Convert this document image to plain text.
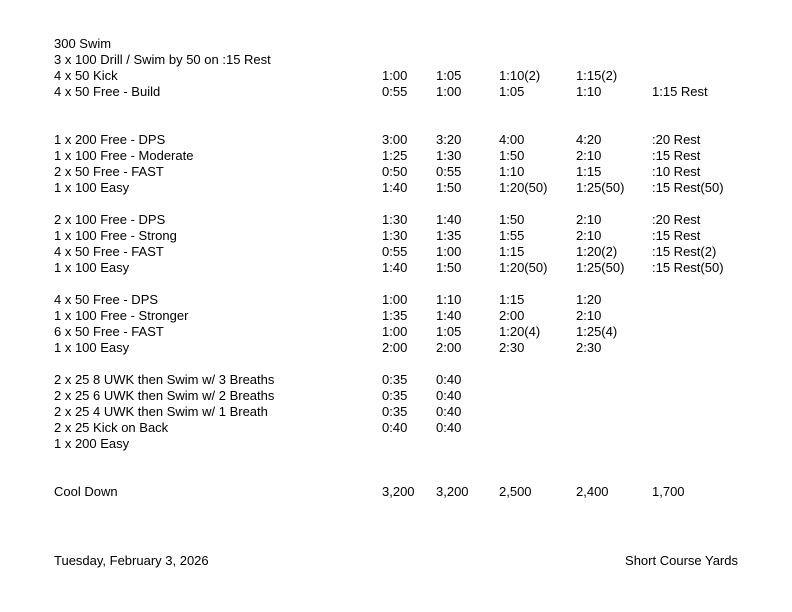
300 Swim
3 x 100 Drill / Swim by 50 on :15 Rest
4 x 50 Kick	1:00 1:05	1:10(2)	1:15(2)
4 x 50 Free - Build	0:55 1:00	1:05	1:10	1:15 Rest
1 x 200 Free - DPS	3:00 3:20	4:00	4:20	:20 Rest
1 x 100 Free - Moderate	1:25 1:30	1:50	2:10	:15 Rest
2 x 50 Free - FAST	0:50 0:55	1:10	1:15	:10 Rest
1 x 100 Easy	1:40 1:50	1:20(50) 1:25(50) :15 Rest(50)
2 x 100 Free - DPS	1:30 1:40	1:50	2:10	:20 Rest
1 x 100 Free - Strong	1:30 1:35	1:55	2:10	:15 Rest
4 x 50 Free - FAST	0:55 1:00	1:15	1:20(2)	:15 Rest(2)
1 x 100 Easy	1:40 1:50	1:20(50) 1:25(50) :15 Rest(50)
4 x 50 Free - DPS	1:00 1:10	1:15	1:20
1 x 100 Free - Stronger	1:35 1:40	2:00	2:10
6 x 50 Free - FAST	1:00 1:05	1:20(4)	1:25(4)
1 x 100 Easy	2:00 2:00	2:30	2:30
2 x 25 8 UWK then Swim w/ 3 Breaths	0:35 0:40
2 x 25 6 UWK then Swim w/ 2 Breaths	0:35 0:40
2 x 25 4 UWK then Swim w/ 1 Breath	0:35 0:40
2 x 25 Kick on Back	0:40 0:40
1 x 200 Easy
Cool Down	3,200 3,200 2,500	2,400	1,700
Tuesday, February 3, 2026	Short Course Yards
